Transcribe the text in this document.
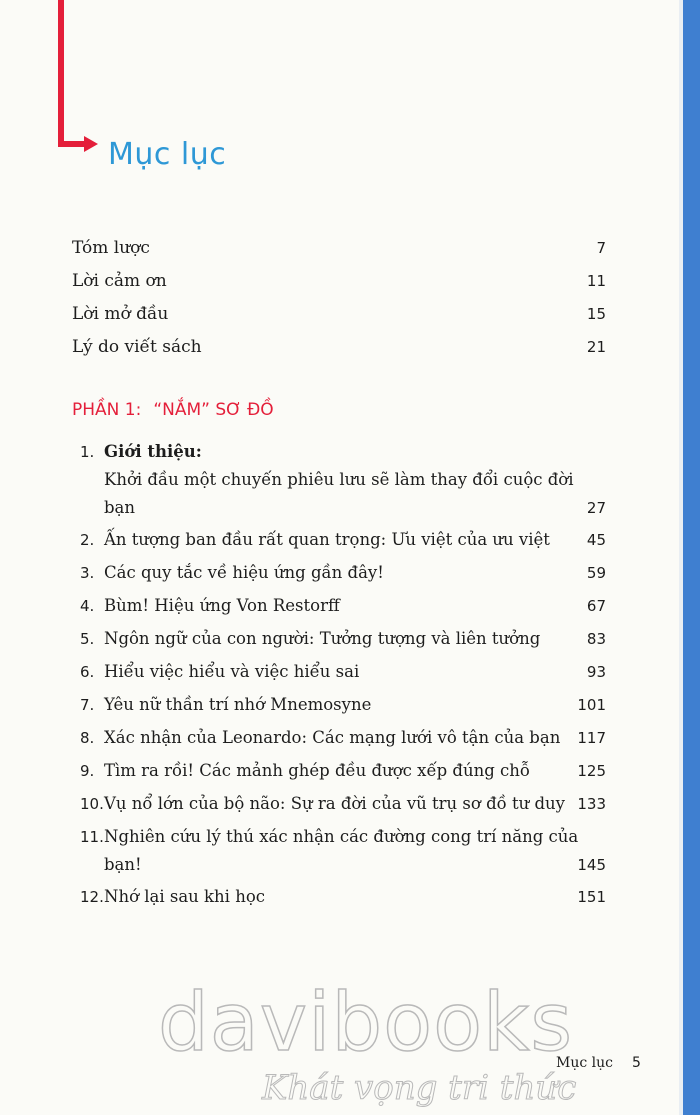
Mục lục
Tóm lược	7
Lời cảm ơn	11
Lời mở đầu	15
Lý do viết sách	21
PHẦN 1: “NẮM” SƠ ĐỒ
1. Giới thiệu:
Khởi đầu một chuyến phiêu lưu sẽ làm thay đổi cuộc đời
bạn	27
2. Ấn tượng ban đầu rất quan trọng: Ưu việt của ưu việt 45
3. Các quy tắc về hiệu ứng gần đây!	59
4. Bùm! Hiệu ứng Von Restorff	67
5. Ngôn ngữ của con người: Tưởng tượng và liên tưởng	83
6. Hiểu việc hiểu và việc hiểu sai	93
7. Yêu nữ thần trí nhớ Mnemosyne	101
8. Xác nhận của Leonardo: Các mạng lưới vô tận của bạn 117
9. Tìm ra rồi! Các mảnh ghép đều được xếp đúng chỗ	125
10. Vụ nổ lớn của bộ não: Sự ra đời của vũ trụ sơ đồ tư duy 133
11. Nghiên cứu lý thú xác nhận các đường cong trí năng của
bạn!	145
12. Nhớ lại sau khi học	151
davibooks
Khát vọng tri thức
Mục lục 5
